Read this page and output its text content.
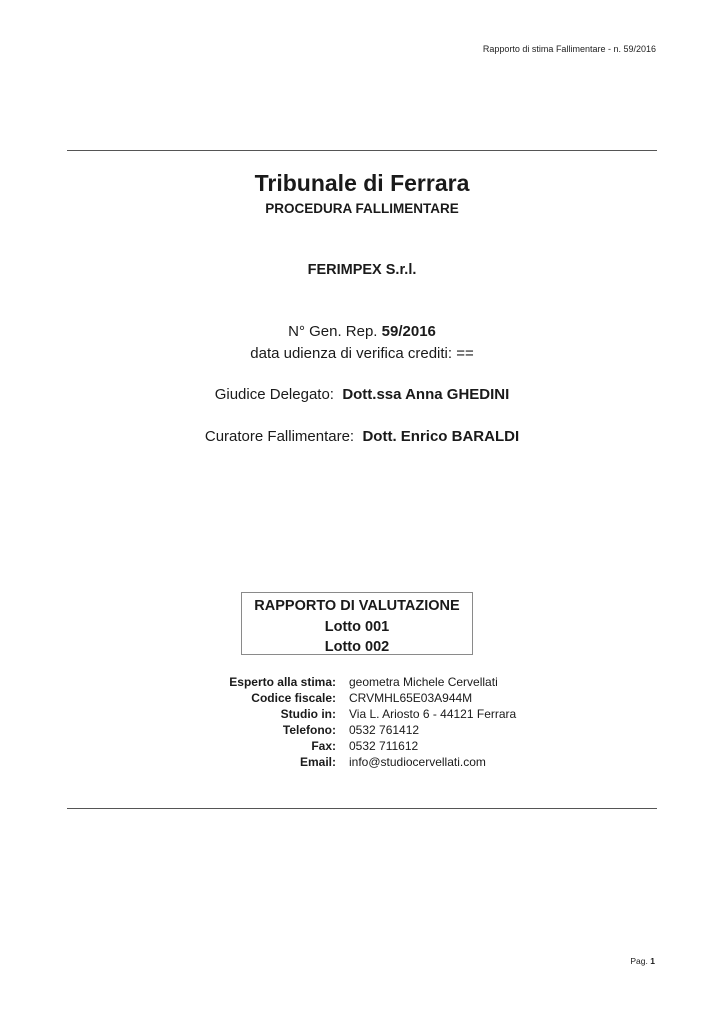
Rapporto di stima Fallimentare - n. 59/2016
Tribunale di Ferrara
PROCEDURA FALLIMENTARE
FERIMPEX S.r.l.
N° Gen. Rep. 59/2016
data udienza di verifica crediti: ==
Giudice Delegato: Dott.ssa Anna GHEDINI
Curatore Fallimentare: Dott. Enrico BARALDI
RAPPORTO DI VALUTAZIONE
Lotto 001
Lotto 002
Esperto alla stima: geometra Michele Cervellati
Codice fiscale: CRVMHL65E03A944M
Studio in: Via L. Ariosto 6 - 44121 Ferrara
Telefono: 0532 761412
Fax: 0532 711612
Email: info@studiocervellati.com
Pag. 1
